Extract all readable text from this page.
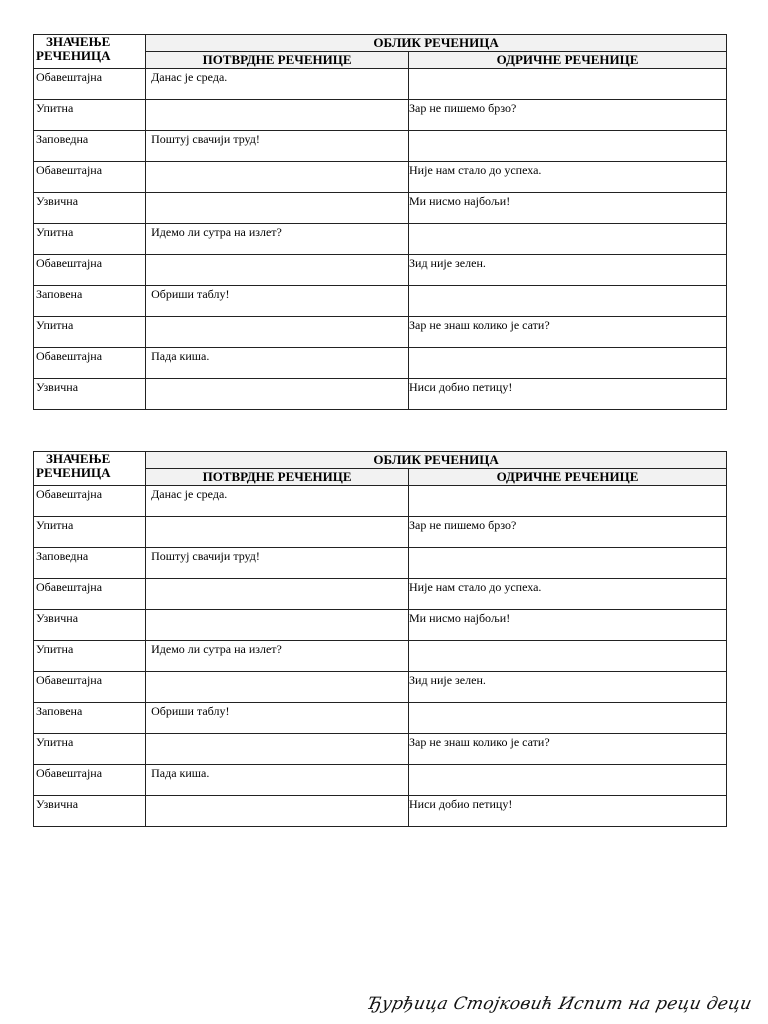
ЗНАЧЕЊЕ
РЕЧЕНИЦА	ОБЛИК РЕЧЕНИЦА	
	ПОТВРДНЕ РЕЧЕНИЦЕ	ОДРИЧНЕ РЕЧЕНИЦЕ
Обавештајна	Данас је среда.	
Упитна		Зар не пишемо брзо?
Заповедна	Поштуј свачији труд!	
Обавештајна		Није нам стало до успеха.
Узвична		Ми нисмо најбољи!
Упитна	Идемо ли сутра на излет?	
Обавештајна		Зид није зелен.
Заповена	Обриши таблу!	
Упитна		Зар не знаш колико је сати?
Обавештајна	Пада киша.	
Узвична		Ниси добио петицу!
ЗНАЧЕЊЕ
РЕЧЕНИЦА	ОБЛИК РЕЧЕНИЦА	
	ПОТВРДНЕ РЕЧЕНИЦЕ	ОДРИЧНЕ РЕЧЕНИЦЕ
Обавештајна	Данас је среда.	
Упитна		Зар не пишемо брзо?
Заповедна	Поштуј свачији труд!	
Обавештајна		Није нам стало до успеха.
Узвична		Ми нисмо најбољи!
Упитна	Идемо ли сутра на излет?	
Обавештајна		Зид није зелен.
Заповена	Обриши таблу!	
Упитна		Зар не знаш колико је сати?
Обавештајна	Пада киша.	
Узвична		Ниси добио петицу!
Ђурђица Стојковић Испит на реци деци
